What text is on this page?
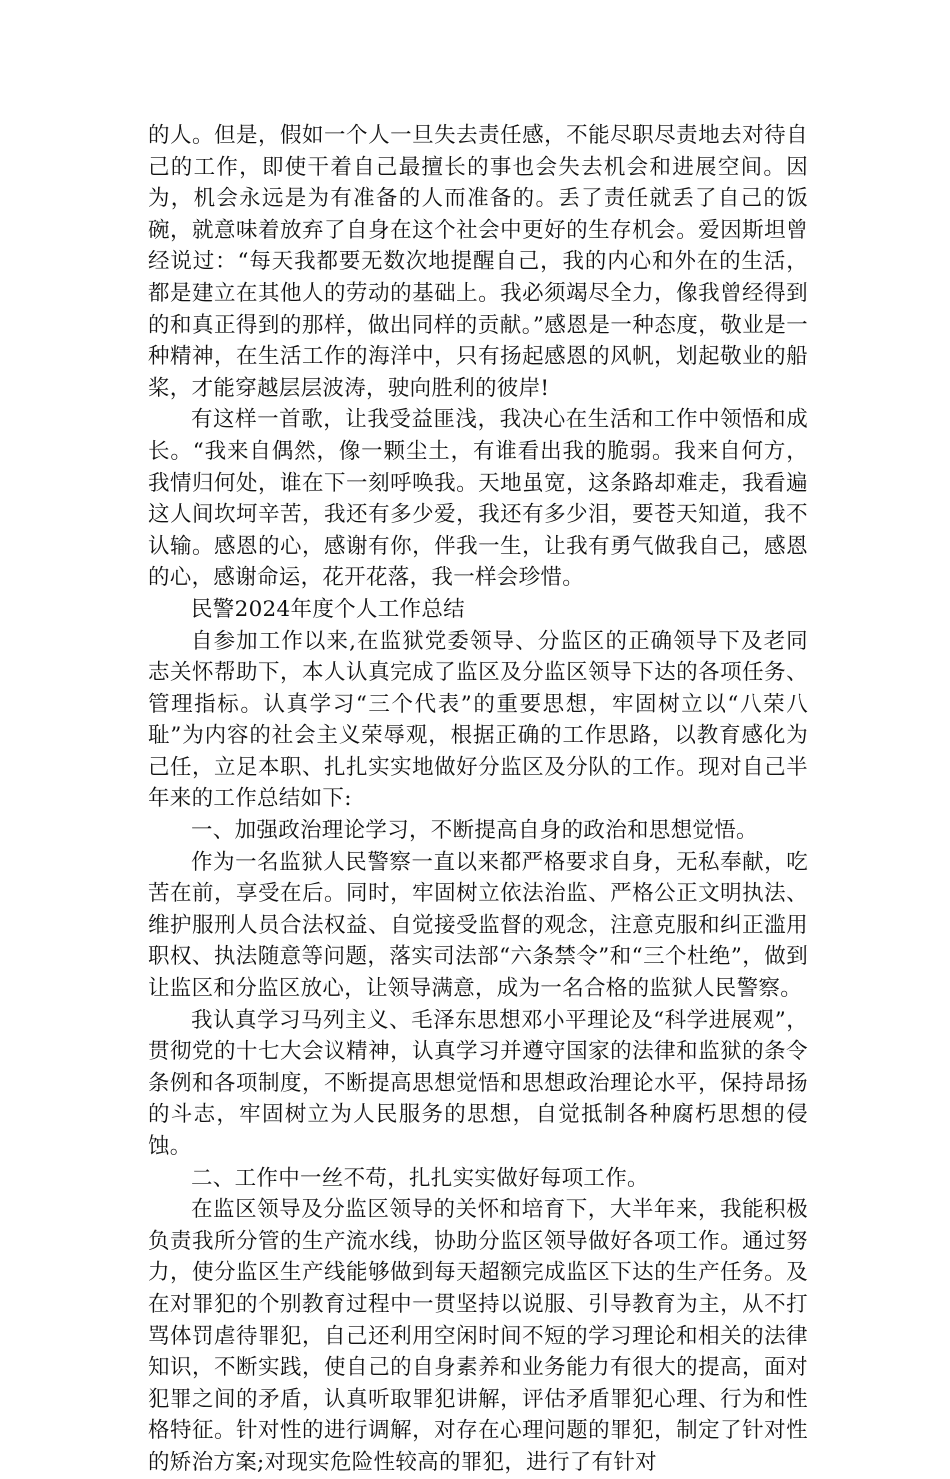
的人。但是，假如一个人一旦失去责任感，不能尽职尽责地去对待自己的工作，即使干着自己最擅长的事也会失去机会和进展空间。因为，机会永远是为有准备的人而准备的。丢了责任就丢了自己的饭碗，就意味着放弃了自身在这个社会中更好的生存机会。爱因斯坦曾经说过：“每天我都要无数次地提醒自己，我的内心和外在的生活，都是建立在其他人的劳动的基础上。我必须竭尽全力，像我曾经得到的和真正得到的那样，做出同样的贡献。”感恩是一种态度，敬业是一种精神，在生活工作的海洋中，只有扬起感恩的风帆，划起敬业的船桨，才能穿越层层波涛，驶向胜利的彼岸!

有这样一首歌，让我受益匪浅，我决心在生活和工作中领悟和成长。“我来自偶然，像一颗尘土，有谁看出我的脆弱。我来自何方，我情归何处，谁在下一刻呼唤我。天地虽宽，这条路却难走，我看遍这人间坎坷辛苦，我还有多少爱，我还有多少泪，要苍天知道，我不认输。感恩的心，感谢有你，伴我一生，让我有勇气做我自己，感恩的心，感谢命运，花开花落，我一样会珍惜。

民警2024年度个人工作总结

自参加工作以来,在监狱党委领导、分监区的正确领导下及老同志关怀帮助下，本人认真完成了监区及分监区领导下达的各项任务、管理指标。认真学习“三个代表”的重要思想，牢固树立以“八荣八耻”为内容的社会主义荣辱观，根据正确的工作思路，以教育感化为己任，立足本职、扎扎实实地做好分监区及分队的工作。现对自己半年来的工作总结如下:

一、加强政治理论学习，不断提高自身的政治和思想觉悟。

作为一名监狱人民警察一直以来都严格要求自身，无私奉献，吃苦在前，享受在后。同时，牢固树立依法治监、严格公正文明执法、维护服刑人员合法权益、自觉接受监督的观念，注意克服和纠正滥用职权、执法随意等问题，落实司法部“六条禁令”和“三个杜绝”，做到让监区和分监区放心，让领导满意，成为一名合格的监狱人民警察。

我认真学习马列主义、毛泽东思想邓小平理论及“科学进展观”，贯彻党的十七大会议精神，认真学习并遵守国家的法律和监狱的条令条例和各项制度，不断提高思想觉悟和思想政治理论水平，保持昂扬的斗志，牢固树立为人民服务的思想，自觉抵制各种腐朽思想的侵蚀。

二、工作中一丝不苟，扎扎实实做好每项工作。

在监区领导及分监区领导的关怀和培育下，大半年来，我能积极负责我所分管的生产流水线，协助分监区领导做好各项工作。通过努力，使分监区生产线能够做到每天超额完成监区下达的生产任务。及在对罪犯的个别教育过程中一贯坚持以说服、引导教育为主，从不打骂体罚虐待罪犯，自己还利用空闲时间不短的学习理论和相关的法律知识，不断实践，使自己的自身素养和业务能力有很大的提高，面对犯罪之间的矛盾，认真听取罪犯讲解，评估矛盾罪犯心理、行为和性格特征。针对性的进行调解，对存在心理问题的罪犯，制定了针对性的矫治方案;对现实危险性较高的罪犯，进行了有针对
